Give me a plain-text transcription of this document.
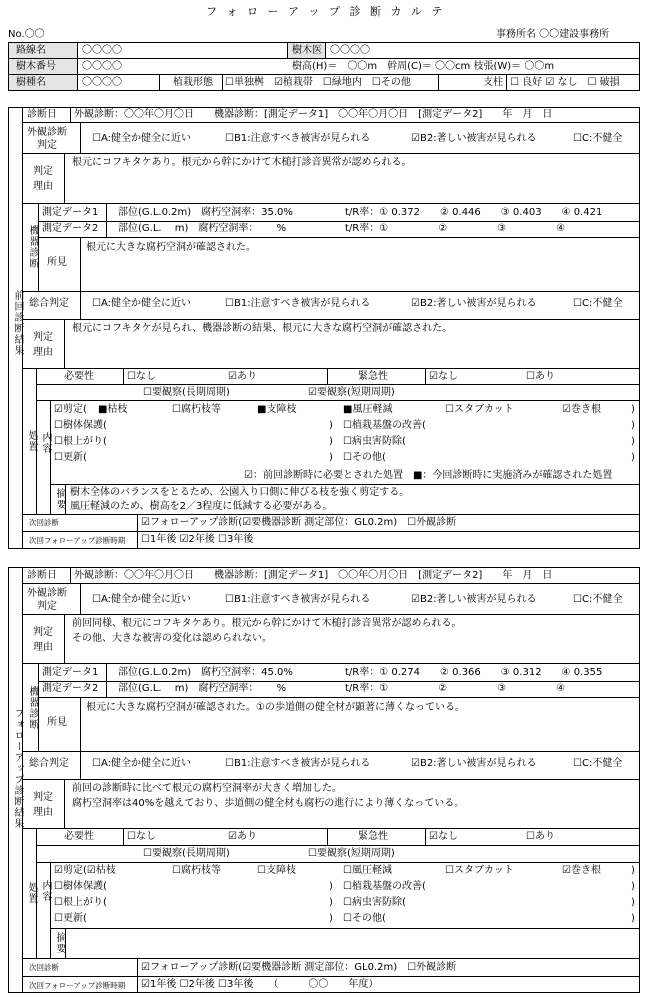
フ ォ ロ ー ア ッ プ 診 断 カ ル テ
No.〇〇	事務所名 〇〇建設事務所
路線名	〇〇〇〇	樹木医 〇〇〇〇
樹木番号	〇〇〇〇	樹高(H)＝　〇〇m　幹周(C)＝ 〇〇cm 枝張(W)＝ 〇〇m
樹種名	〇〇〇〇	植栽形態 ☐単独桝　☑植栽帯　☐緑地内　☐その他	支柱 ☐ 良好 ☑ なし　☐ 破損
前回診断結果
診断日 外観診断：〇〇年〇月〇日　　機器診断：[測定データ1]　〇〇年〇月〇日　[測定データ2]　　年　月　日
外観診断
判定
☐A:健全か健全に近い	☐B1:注意すべき被害が見られる	☑B2:著しい被害が見られる	☐C:不健全
判定
理由
根元にコフキタケあり。根元から幹にかけて木槌打診音異常が認められる。
機器診断
測定データ1 部位(G.L.0.2m)　腐朽空洞率：35.0%	t/R率：① 0.372　　② 0.446　　③ 0.403　　④ 0.421
測定データ2 部位(G.L.　 m)　腐朽空洞率：　　 %	t/R率：①　　　　　②　　　　　③　　　　　④
所見
根元に大きな腐朽空洞が確認された。
総合判定 ☐A:健全か健全に近い	☐B1:注意すべき被害が見られる	☑B2:著しい被害が見られる	☐C:不健全
判定
理由
根元にコフキタケが見られ、機器診断の結果、根元に大きな腐朽空洞が確認された。
処置
必要性	☐なし	☑あり	緊急性	☑なし	☐あり
☐要観察(長期周期)	☑要観察(短期周期)
内容
☑剪定( ■枯枝	☐腐朽枝等	■支障枝	■風圧軽減	☐スタブカット	☑巻き根	)
☐樹体保護(	) ☐植栽基盤の改善(	)
☐根上がり(	) ☐病虫害防除(	)
☐更新(	) ☐その他(	)
☑：前回診断時に必要とされた処置　■：今回診断時に実施済みが確認された処置
摘要 樹木全体のバランスをとるため、公園入り口側に伸びる枝を強く剪定する。
風圧軽減のため、樹高を2／3程度に低減する必要がある。
次回診断	☑フォローアップ診断(☑要機器診断 測定部位：GL0.2m)　☐外観診断
次回フォローアップ診断時期 ☐1年後 ☑2年後 ☐3年後
フォローアップ診断結果
診断日 外観診断：〇〇年〇月〇日　　機器診断：[測定データ1]　〇〇年〇月〇日　[測定データ2]　　年　月　日
外観診断
判定
☐A:健全か健全に近い	☐B1:注意すべき被害が見られる	☑B2:著しい被害が見られる	☐C:不健全
判定
理由
前回同様、根元にコフキタケあり。根元から幹にかけて木槌打診音異常が認められる。
その他、大きな被害の変化は認められない。
機器診断
測定データ1 部位(G.L.0.2m)　腐朽空洞率：45.0%	t/R率：① 0.274　　② 0.366　　③ 0.312　　④ 0.355
測定データ2 部位(G.L.　 m)　腐朽空洞率：　　 %	t/R率：①　　　　　②　　　　　③　　　　　④
所見
根元に大きな腐朽空洞が確認された。①の歩道側の健全材が顕著に薄くなっている。
総合判定 ☐A:健全か健全に近い	☐B1:注意すべき被害が見られる	☑B2:著しい被害が見られる	☐C:不健全
判定
理由
前回の診断時に比べて根元の腐朽空洞率が大きく増加した。
腐朽空洞率は40%を越えており、歩道側の健全材も腐朽の進行により薄くなっている。
処置
必要性	☐なし	☑あり	緊急性	☑なし	☐あり
☐要観察(長期周期)	☐要観察(短期周期)
内容
☑剪定(☑枯枝	☐腐朽枝等	☐支障枝	☐風圧軽減	☐スタブカット	☑巻き根	)
☐樹体保護(	) ☐植栽基盤の改善(	)
☐根上がり(	) ☐病虫害防除(	)
☐更新(	) ☐その他(	)
摘要
次回診断	☑フォローアップ診断(☑要機器診断 測定部位：GL0.2m)　☐外観診断
次回フォローアップ診断時期 ☑1年後 ☐2年後 ☐3年後　　（　　　〇〇　　年度）
